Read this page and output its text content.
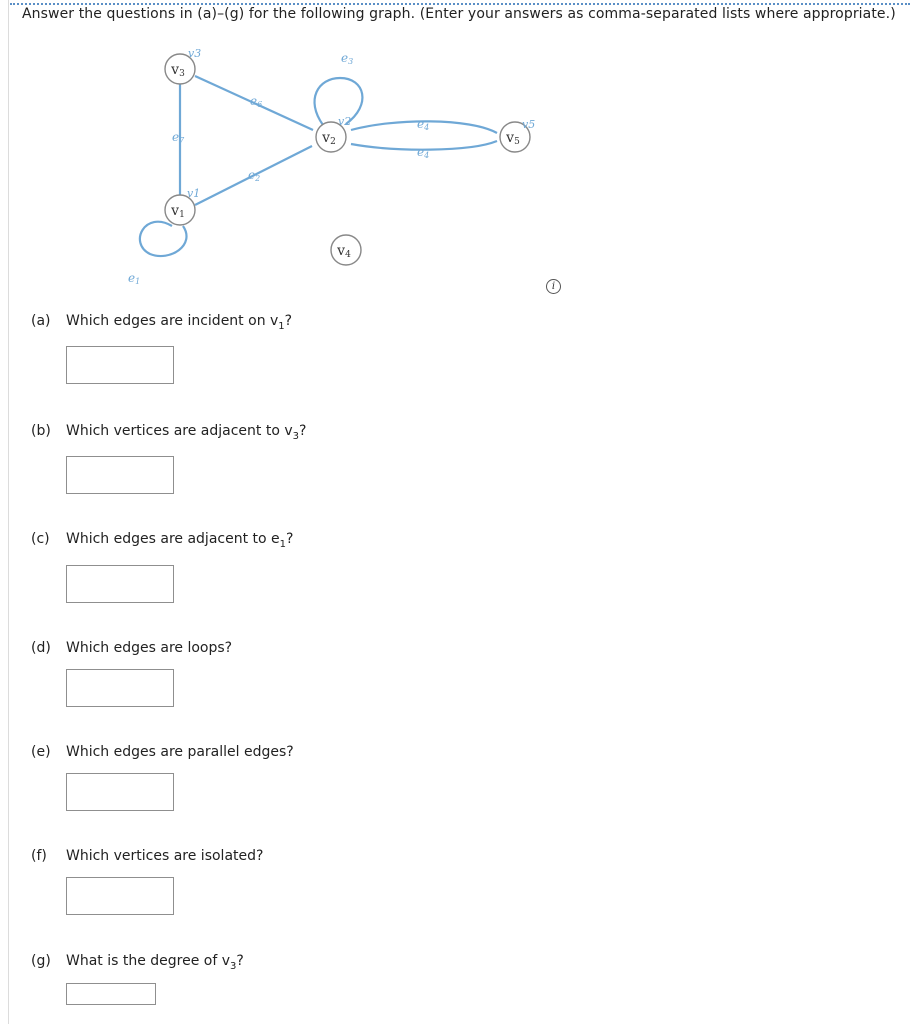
Answer the questions in (a)–(g) for the following graph. (Enter your answers as comma-separated lists where appropriate.)
v3
v2
v1
v5
v3
v2
v1
v4
v5
e3
e6
e7
e2
e4
e4
e1	i
(a) Which edges are incident on $v_1$?
(b) Which vertices are adjacent to $v_3$?
(c) Which edges are adjacent to $e_1$?
(d) Which edges are loops?
(e) Which edges are parallel edges?
(f) Which vertices are isolated?
(g) What is the degree of $v_3$?
